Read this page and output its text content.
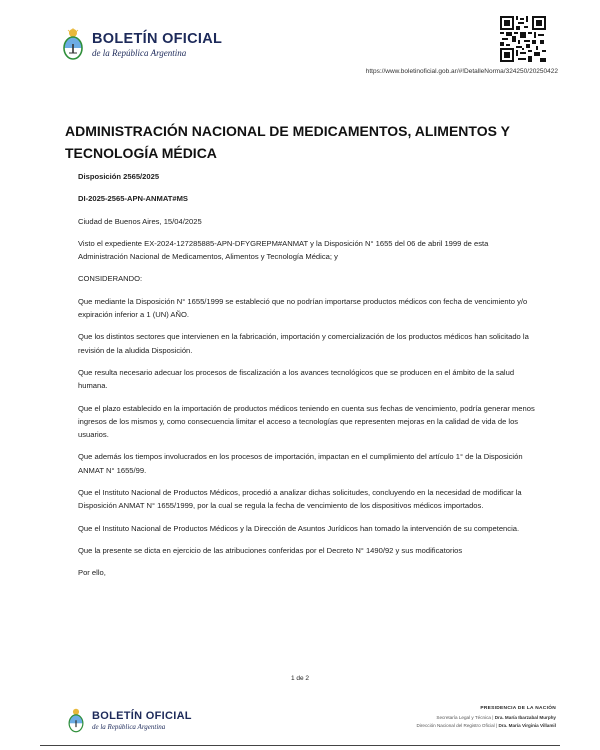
BOLETÍN OFICIAL
de la República Argentina
https://www.boletinoficial.gob.ar/#!DetalleNorma/324250/20250422
ADMINISTRACIÓN NACIONAL DE MEDICAMENTOS, ALIMENTOS Y TECNOLOGÍA MÉDICA

Disposición 2565/2025

DI-2025-2565-APN-ANMAT#MS

Ciudad de Buenos Aires, 15/04/2025

Visto el expediente EX-2024-127285885-APN-DFYGREPM#ANMAT y la Disposición N° 1655 del 06 de abril 1999 de esta Administración Nacional de Medicamentos, Alimentos y Tecnología Médica; y

CONSIDERANDO:

Que mediante la Disposición N° 1655/1999 se estableció que no podrían importarse productos médicos con fecha de vencimiento y/o expiración inferior a 1 (UN) AÑO.

Que los distintos sectores que intervienen en la fabricación, importación y comercialización de los productos médicos han solicitado la revisión de la aludida Disposición.

Que resulta necesario adecuar los procesos de fiscalización a los avances tecnológicos que se producen en el ámbito de la salud humana.

Que el plazo establecido en la importación de productos médicos teniendo en cuenta sus fechas de vencimiento, podría generar menos ingresos de los mismos y, como consecuencia limitar el acceso a tecnologías que representen mejoras en la calidad de vida de los usuarios.

Que además los tiempos involucrados en los procesos de importación, impactan en el cumplimiento del artículo 1° de la Disposición ANMAT N° 1655/99.

Que el Instituto Nacional de Productos Médicos, procedió a analizar dichas solicitudes, concluyendo en la necesidad de modificar la Disposición ANMAT N° 1655/1999, por la cual se regula la fecha de vencimiento de los dispositivos médicos importados.

Que el Instituto Nacional de Productos Médicos y la Dirección de Asuntos Jurídicos han tomado la intervención de su competencia.

Que la presente se dicta en ejercicio de las atribuciones conferidas por el Decreto N° 1490/92 y sus modificatorios

Por ello,

1 de 2
BOLETÍN OFICIAL
de la República Argentina
PRESIDENCIA DE LA NACIÓN
Secretaría Legal y Técnica | Dra. María Ibarzabal Murphy
Dirección Nacional del Registro Oficial | Dra. María Virginia Villamil
